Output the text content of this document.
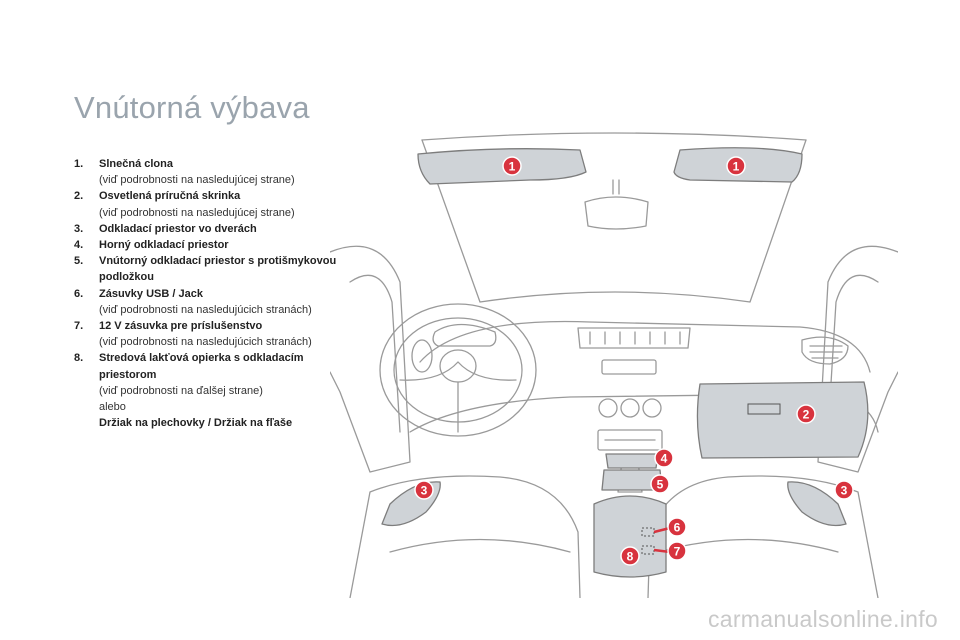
Vnútorná výbava
1. Slnečná clona
(viď podrobnosti na nasledujúcej strane)
2. Osvetlená príručná skrinka
(viď podrobnosti na nasledujúcej strane)
3. Odkladací priestor vo dverách
4. Horný odkladací priestor
5. Vnútorný odkladací priestor s protišmykovou podložkou
6. Zásuvky USB / Jack
(viď podrobnosti na nasledujúcich stranách)
7. 12 V zásuvka pre príslušenstvo
(viď podrobnosti na nasledujúcich stranách)
8. Stredová lakťová opierka s odkladacím priestorom
(viď podrobnosti na ďalšej strane)
alebo
Držiak na plechovky / Držiak na fľaše
1	1
2
3	3
4
5
6
7
8
carmanualsonline.info
